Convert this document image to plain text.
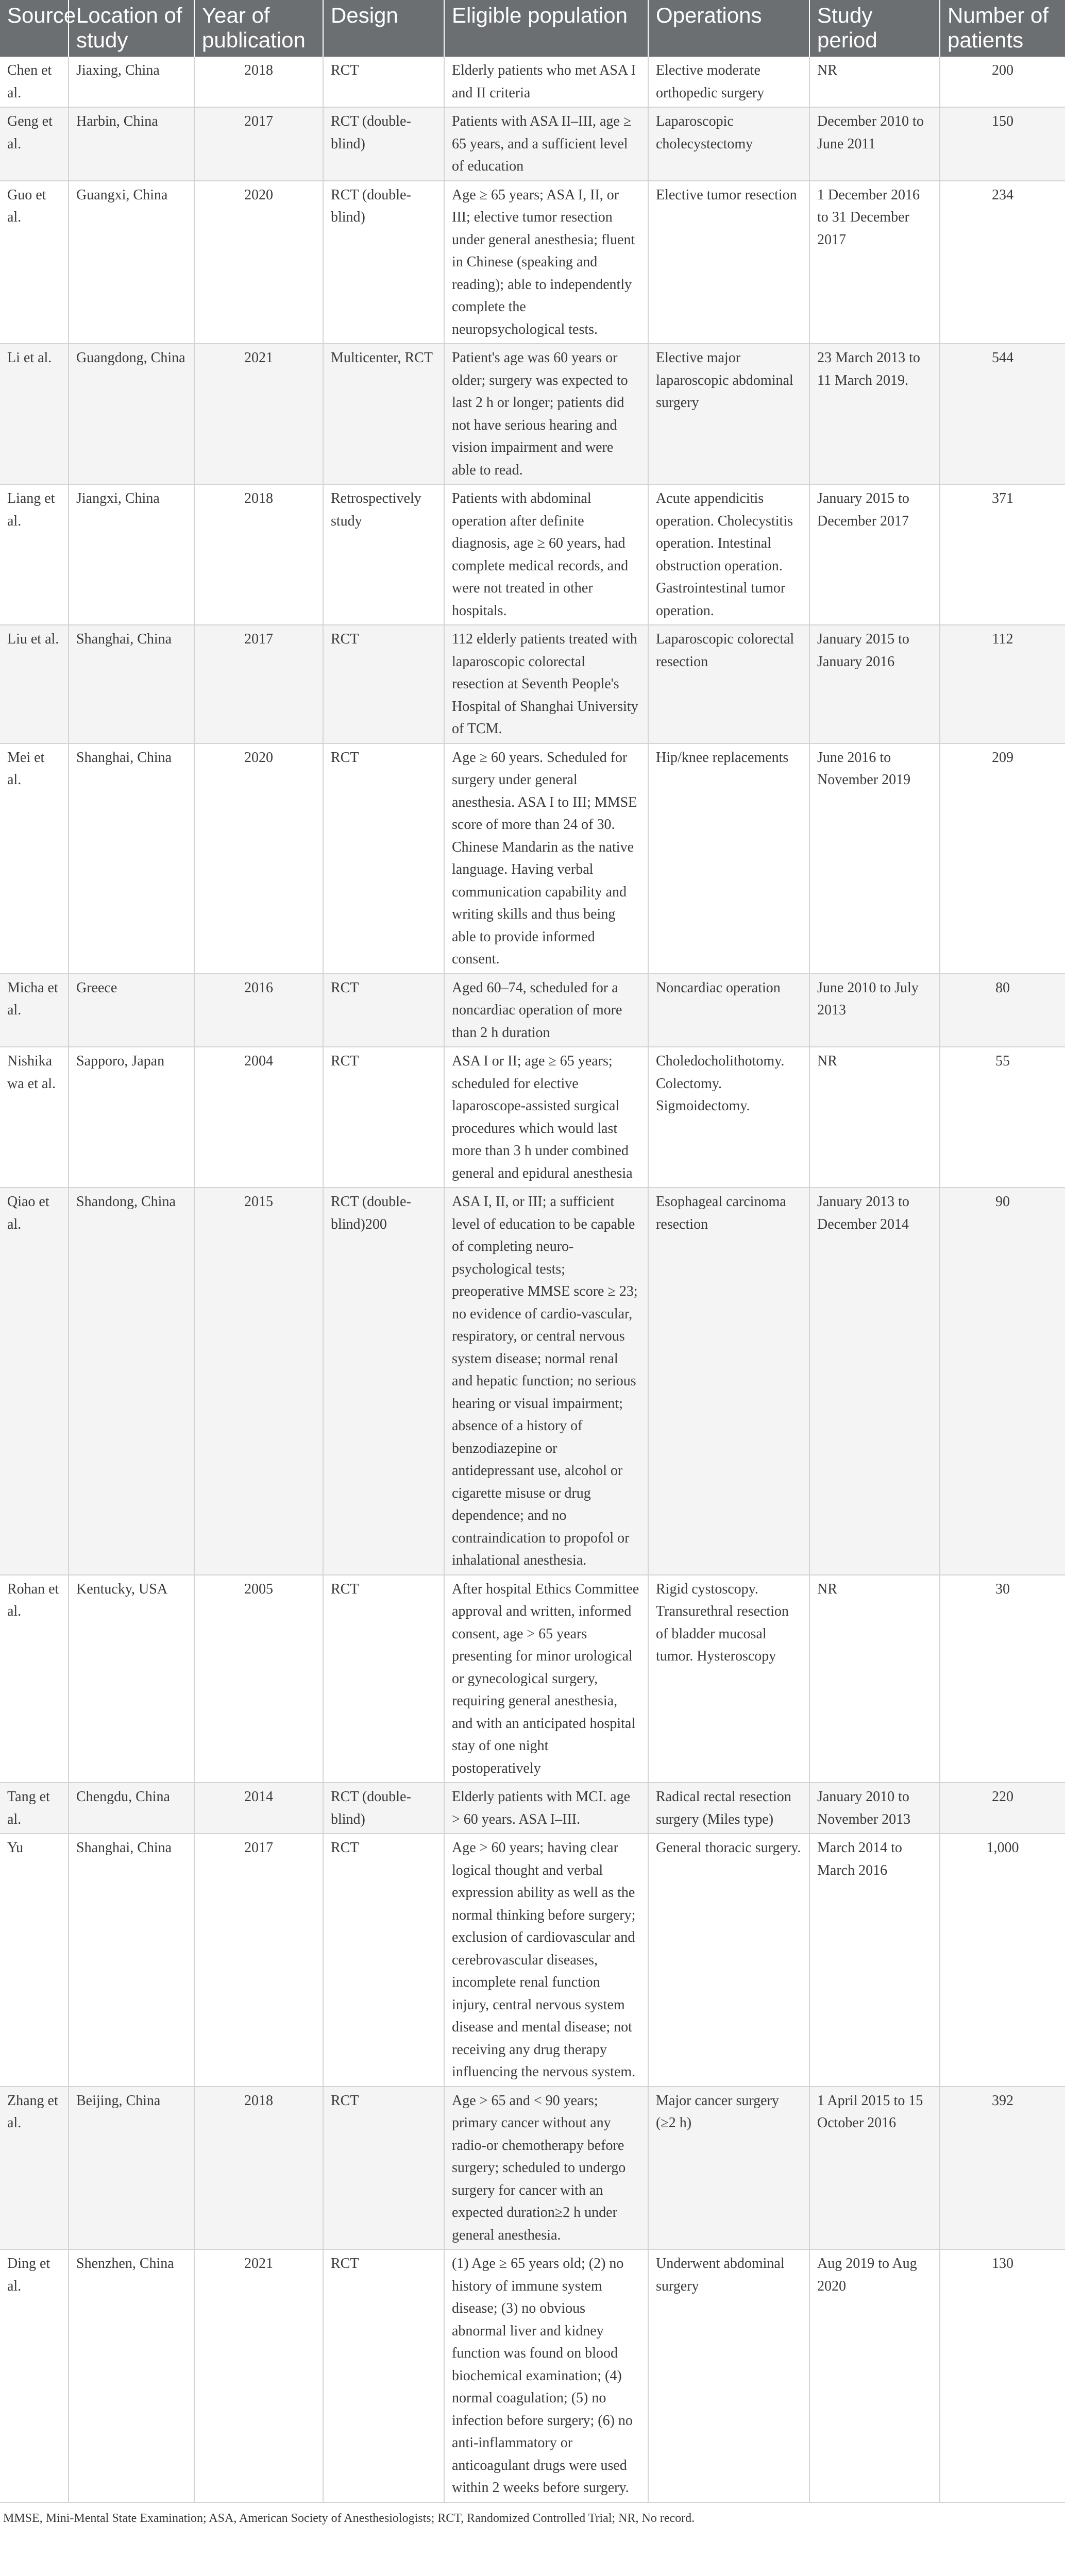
Source	Location of study	Year of publication	Design	Eligible population	Operations	Study period	Number of patients
Chen et al.	Jiaxing, China	2018	RCT	Elderly patients who met ASA I and II criteria	Elective moderate orthopedic surgery	NR	200
Geng et al.	Harbin, China	2017	RCT (double-blind)	Patients with ASA II–III, age ≥ 65 years, and a sufficient level of education	Laparoscopic cholecystectomy	December 2010 to June 2011	150
Guo et al.	Guangxi, China	2020	RCT (double-blind)	Age ≥ 65 years; ASA I, II, or III; elective tumor resection under general anesthesia; fluent in Chinese (speaking and reading); able to independently complete the neuropsychological tests.	Elective tumor resection	1 December 2016 to 31 December 2017	234
Li et al.	Guangdong, China	2021	Multicenter, RCT	Patient's age was 60 years or older; surgery was expected to last 2 h or longer; patients did not have serious hearing and vision impairment and were able to read.	Elective major laparoscopic abdominal surgery	23 March 2013 to 11 March 2019.	544
Liang et al.	Jiangxi, China	2018	Retrospectively study	Patients with abdominal operation after definite diagnosis, age ≥ 60 years, had complete medical records, and were not treated in other hospitals.	Acute appendicitis operation. Cholecystitis operation. Intestinal obstruction operation. Gastrointestinal tumor operation.	January 2015 to December 2017	371
Liu et al.	Shanghai, China	2017	RCT	112 elderly patients treated with laparoscopic colorectal resection at Seventh People's Hospital of Shanghai University of TCM.	Laparoscopic colorectal resection	January 2015 to January 2016	112
Mei et al.	Shanghai, China	2020	RCT	Age ≥ 60 years. Scheduled for surgery under general anesthesia. ASA I to III; MMSE score of more than 24 of 30. Chinese Mandarin as the native language. Having verbal communication capability and writing skills and thus being able to provide informed consent.	Hip/knee replacements	June 2016 to November 2019	209
Micha et al.	Greece	2016	RCT	Aged 60–74, scheduled for a noncardiac operation of more than 2 h duration	Noncardiac operation	June 2010 to July 2013	80
Nishikawa et al.	Sapporo, Japan	2004	RCT	ASA I or II; age ≥ 65 years; scheduled for elective laparoscope-assisted surgical procedures which would last more than 3 h under combined general and epidural anesthesia	Choledocholithotomy. Colectomy. Sigmoidectomy.	NR	55
Qiao et al.	Shandong, China	2015	RCT (double-blind)200	ASA I, II, or III; a sufficient level of education to be capable of completing neuro-psychological tests; preoperative MMSE score ≥ 23; no evidence of cardio-vascular, respiratory, or central nervous system disease; normal renal and hepatic function; no serious hearing or visual impairment; absence of a history of benzodiazepine or antidepressant use, alcohol or cigarette misuse or drug dependence; and no contraindication to propofol or inhalational anesthesia.	Esophageal carcinoma resection	January 2013 to December 2014	90
Rohan et al.	Kentucky, USA	2005	RCT	After hospital Ethics Committee approval and written, informed consent, age > 65 years presenting for minor urological or gynecological surgery, requiring general anesthesia, and with an anticipated hospital stay of one night postoperatively	Rigid cystoscopy. Transurethral resection of bladder mucosal tumor. Hysteroscopy	NR	30
Tang et al.	Chengdu, China	2014	RCT (double-blind)	Elderly patients with MCI. age > 60 years. ASA I–III.	Radical rectal resection surgery (Miles type)	January 2010 to November 2013	220
Yu	Shanghai, China	2017	RCT	Age > 60 years; having clear logical thought and verbal expression ability as well as the normal thinking before surgery; exclusion of cardiovascular and cerebrovascular diseases, incomplete renal function injury, central nervous system disease and mental disease; not receiving any drug therapy influencing the nervous system.	General thoracic surgery.	March 2014 to March 2016	1,000
Zhang et al.	Beijing, China	2018	RCT	Age > 65 and < 90 years; primary cancer without any radio-or chemotherapy before surgery; scheduled to undergo surgery for cancer with an expected duration≥2 h under general anesthesia.	Major cancer surgery (≥2 h)	1 April 2015 to 15 October 2016	392
Ding et al.	Shenzhen, China	2021	RCT	(1) Age ≥ 65 years old; (2) no history of immune system disease; (3) no obvious abnormal liver and kidney function was found on blood biochemical examination; (4) normal coagulation; (5) no infection before surgery; (6) no anti-inflammatory or anticoagulant drugs were used within 2 weeks before surgery.	Underwent abdominal surgery	Aug 2019 to Aug 2020	130
MMSE, Mini-Mental State Examination; ASA, American Society of Anesthesiologists; RCT, Randomized Controlled Trial; NR, No record.
